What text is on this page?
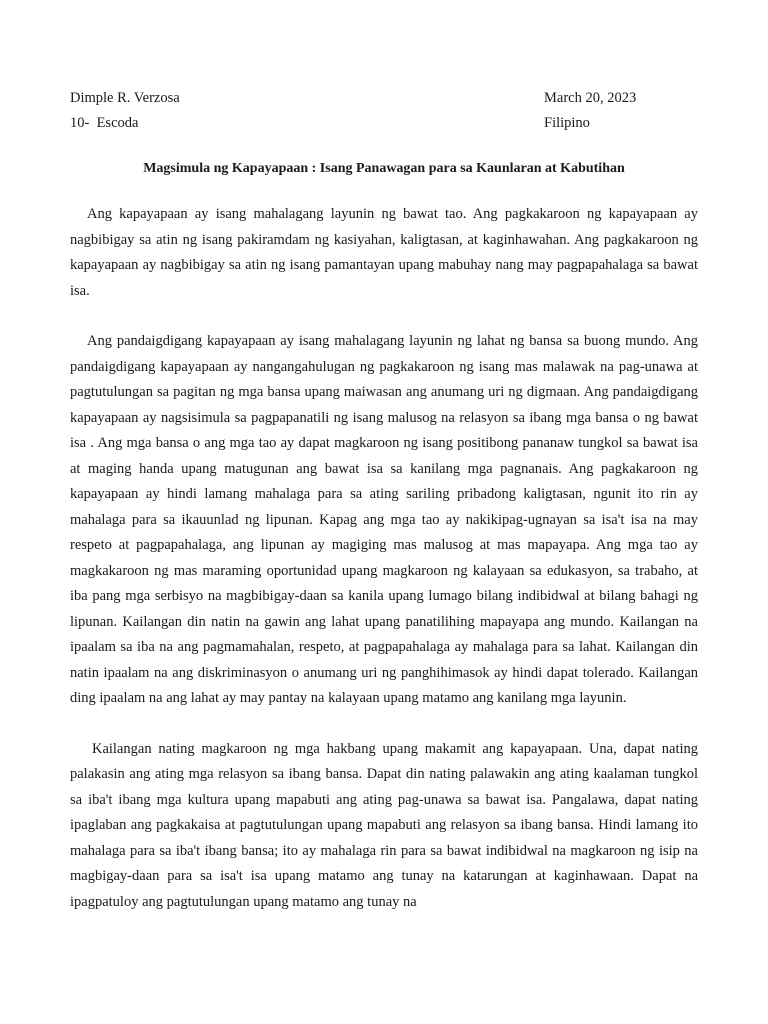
Dimple R. Verzosa
10-  Escoda
March 20, 2023
Filipino
Magsimula ng Kapayapaan : Isang Panawagan para sa Kaunlaran at Kabutihan

Ang kapayapaan ay isang mahalagang layunin ng bawat tao. Ang pagkakaroon ng kapayapaan ay nagbibigay sa atin ng isang pakiramdam ng kasiyahan, kaligtasan, at kaginhawahan. Ang pagkakaroon ng kapayapaan ay nagbibigay sa atin ng isang pamantayan upang mabuhay nang may pagpapahalaga sa bawat isa.

Ang pandaigdigang kapayapaan ay isang mahalagang layunin ng lahat ng bansa sa buong mundo. Ang pandaigdigang kapayapaan ay nangangahulugan ng pagkakaroon ng isang mas malawak na pag-unawa at pagtutulungan sa pagitan ng mga bansa upang maiwasan ang anumang uri ng digmaan. Ang pandaigdigang kapayapaan ay nagsisimula sa pagpapanatili ng isang malusog na relasyon sa ibang mga bansa o ng bawat isa . Ang mga bansa o ang mga tao ay dapat magkaroon ng isang positibong pananaw tungkol sa bawat isa at maging handa upang matugunan ang bawat isa sa kanilang mga pagnanais. Ang pagkakaroon ng kapayapaan ay hindi lamang mahalaga para sa ating sariling pribadong kaligtasan, ngunit ito rin ay mahalaga para sa ikauunlad ng lipunan. Kapag ang mga tao ay nakikipag-ugnayan sa isa't isa na may respeto at pagpapahalaga, ang lipunan ay magiging mas malusog at mas mapayapa. Ang mga tao ay magkakaroon ng mas maraming oportunidad upang magkaroon ng kalayaan sa edukasyon, sa trabaho, at iba pang mga serbisyo na magbibigay-daan sa kanila upang lumago bilang indibidwal at bilang bahagi ng lipunan. Kailangan din natin na gawin ang lahat upang panatilihing mapayapa ang mundo. Kailangan na ipaalam sa iba na ang pagmamahalan, respeto, at pagpapahalaga ay mahalaga para sa lahat. Kailangan din natin ipaalam na ang diskriminasyon o anumang uri ng panghihimasok ay hindi dapat tolerado. Kailangan ding ipaalam na ang lahat ay may pantay na kalayaan upang matamo ang kanilang mga layunin.

Kailangan nating magkaroon ng mga hakbang upang makamit ang kapayapaan. Una, dapat nating palakasin ang ating mga relasyon sa ibang bansa. Dapat din nating palawakin ang ating kaalaman tungkol sa iba't ibang mga kultura upang mapabuti ang ating pag-unawa sa bawat isa. Pangalawa, dapat nating ipaglaban ang pagkakaisa at pagtutulungan upang mapabuti ang relasyon sa ibang bansa. Hindi lamang ito mahalaga para sa iba't ibang bansa; ito ay mahalaga rin para sa bawat indibidwal na magkaroon ng isip na magbigay-daan para sa isa't isa upang matamo ang tunay na katarungan at kaginhawaan. Dapat na ipagpatuloy ang pagtutulungan upang matamo ang tunay na
